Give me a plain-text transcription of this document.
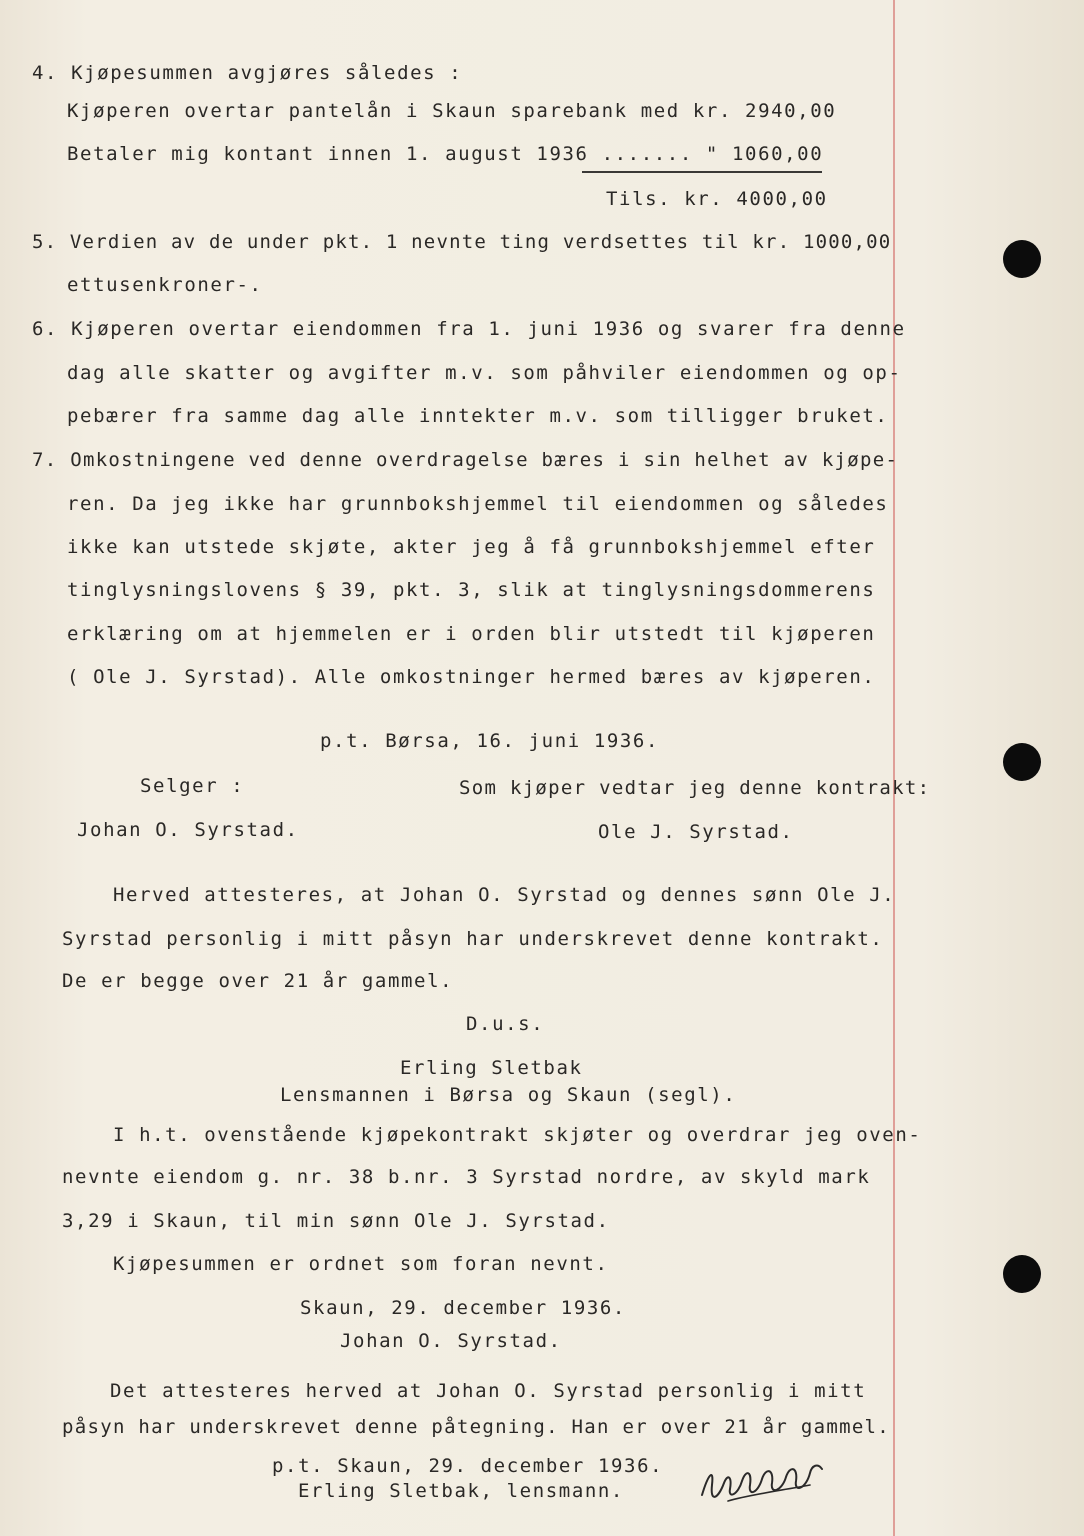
4. Kjøpesummen avgjøres således :
Kjøperen overtar pantelån i Skaun sparebank med kr. 2940,00
Betaler mig kontant innen 1. august 1936 ....... " 1060,00
Tils. kr. 4000,00
5. Verdien av de under pkt. 1 nevnte ting verdsettes til kr. 1000,00
ettusenkroner-.
6. Kjøperen overtar eiendommen fra 1. juni 1936 og svarer fra denne
dag alle skatter og avgifter m.v. som påhviler eiendommen og op-
pebærer fra samme dag alle inntekter m.v. som tilligger bruket.
7. Omkostningene ved denne overdragelse bæres i sin helhet av kjøpe-
ren. Da jeg ikke har grunnbokshjemmel til eiendommen og således
ikke kan utstede skjøte, akter jeg å få grunnbokshjemmel efter
tinglysningslovens § 39, pkt. 3, slik at tinglysningsdommerens
erklæring om at hjemmelen er i orden blir utstedt til kjøperen
( Ole J. Syrstad). Alle omkostninger hermed bæres av kjøperen.
p.t. Børsa, 16. juni 1936.
Selger :	Som kjøper vedtar jeg denne kontrakt:
Johan O. Syrstad.	Ole J. Syrstad.
Herved attesteres, at Johan O. Syrstad og dennes sønn Ole J.
Syrstad personlig i mitt påsyn har underskrevet denne kontrakt.
De er begge over 21 år gammel.
D.u.s.
Erling Sletbak
Lensmannen i Børsa og Skaun (segl).
I h.t. ovenstående kjøpekontrakt skjøter og overdrar jeg oven-
nevnte eiendom g. nr. 38 b.nr. 3 Syrstad nordre, av skyld mark
3,29 i Skaun, til min sønn Ole J. Syrstad.
Kjøpesummen er ordnet som foran nevnt.
Skaun, 29. december 1936.
Johan O. Syrstad.
Det attesteres herved at Johan O. Syrstad personlig i mitt
påsyn har underskrevet denne påtegning. Han er over 21 år gammel.
p.t. Skaun, 29. december 1936.
Erling Sletbak, lensmann.
